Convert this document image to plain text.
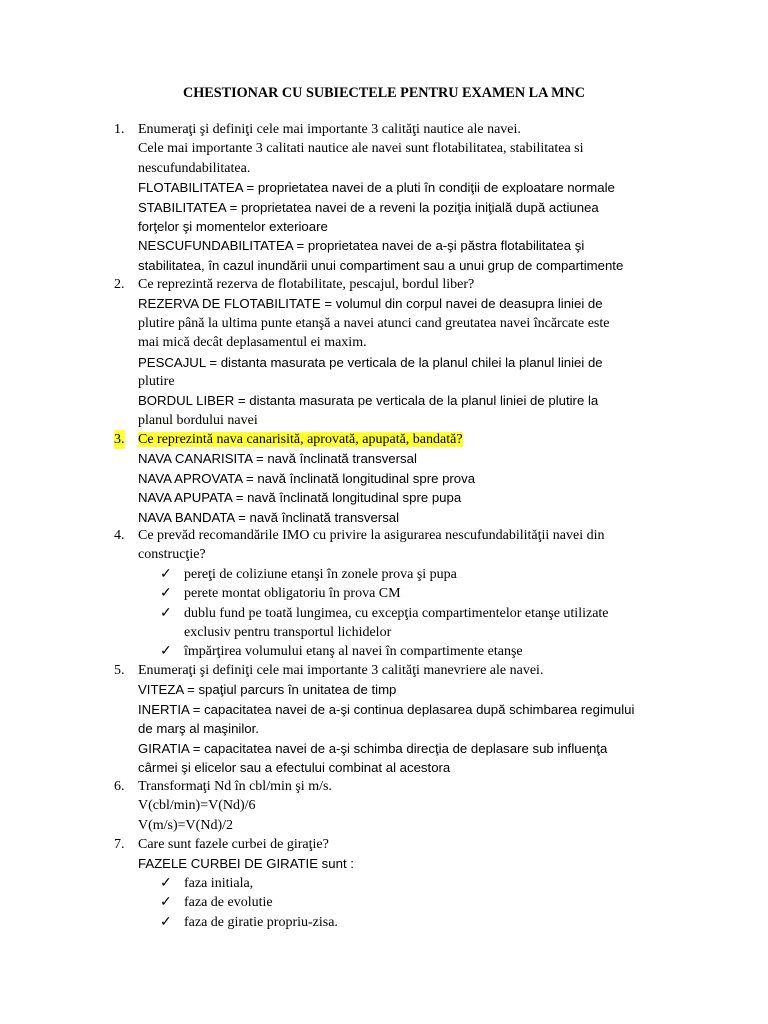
CHESTIONAR CU SUBIECTELE PENTRU EXAMEN LA MNC
1. Enumeraţi şi definiţi cele mai importante 3 calităţi nautice ale navei.
Cele mai importante 3 calitati nautice ale navei sunt flotabilitatea, stabilitatea si
nescufundabilitatea.
FLOTABILITATEA = proprietatea navei de a pluti în condiţii de exploatare normale
STABILITATEA = proprietatea navei de a reveni la poziţia iniţială după actiunea
forţelor şi momentelor exterioare
NESCUFUNDABILITATEA = proprietatea navei de a-şi păstra flotabilitatea şi
stabilitatea, în cazul inundării unui compartiment sau a unui grup de compartimente
2. Ce reprezintă rezerva de flotabilitate, pescajul, bordul liber?
REZERVA DE FLOTABILITATE = volumul din corpul navei de deasupra liniei de
plutire până la ultima punte etanşă a navei atunci cand greutatea navei încărcate este
mai mică decât deplasamentul ei maxim.
PESCAJUL = distanta masurata pe verticala de la planul chilei la planul liniei de
plutire
BORDUL LIBER = distanta masurata pe verticala de la planul liniei de plutire la
planul bordului navei
3. Ce reprezintă nava canarisită, aprovată, apupată, bandată?
NAVA CANARISITA = navă înclinată transversal
NAVA APROVATA = navă înclinată longitudinal spre prova
NAVA APUPATA = navă înclinată longitudinal spre pupa
NAVA BANDATA = navă înclinată transversal
4. Ce prevăd recomandările IMO cu privire la asigurarea nescufundabilităţii navei din
construcţie?
✓ pereţi de coliziune etanşi în zonele prova şi pupa
✓ perete montat obligatoriu în prova CM
✓ dublu fund pe toată lungimea, cu excepţia compartimentelor etanşe utilizate
exclusiv pentru transportul lichidelor
✓ împărţirea volumului etanş al navei în compartimente etanşe
5. Enumeraţi şi definiţi cele mai importante 3 calităţi manevriere ale navei.
VITEZA = spaţiul parcurs în unitatea de timp
INERTIA = capacitatea navei de a-şi continua deplasarea după schimbarea regimului
de marş al maşinilor.
GIRATIA = capacitatea navei de a-şi schimba direcţia de deplasare sub influenţa
cârmei şi elicelor sau a efectului combinat al acestora
6. Transformaţi Nd în cbl/min şi m/s.
V(cbl/min)=V(Nd)/6
V(m/s)=V(Nd)/2
7. Care sunt fazele curbei de giraţie?
FAZELE CURBEI DE GIRATIE sunt :
✓ faza initiala,
✓ faza de evolutie
✓ faza de giratie propriu-zisa.
